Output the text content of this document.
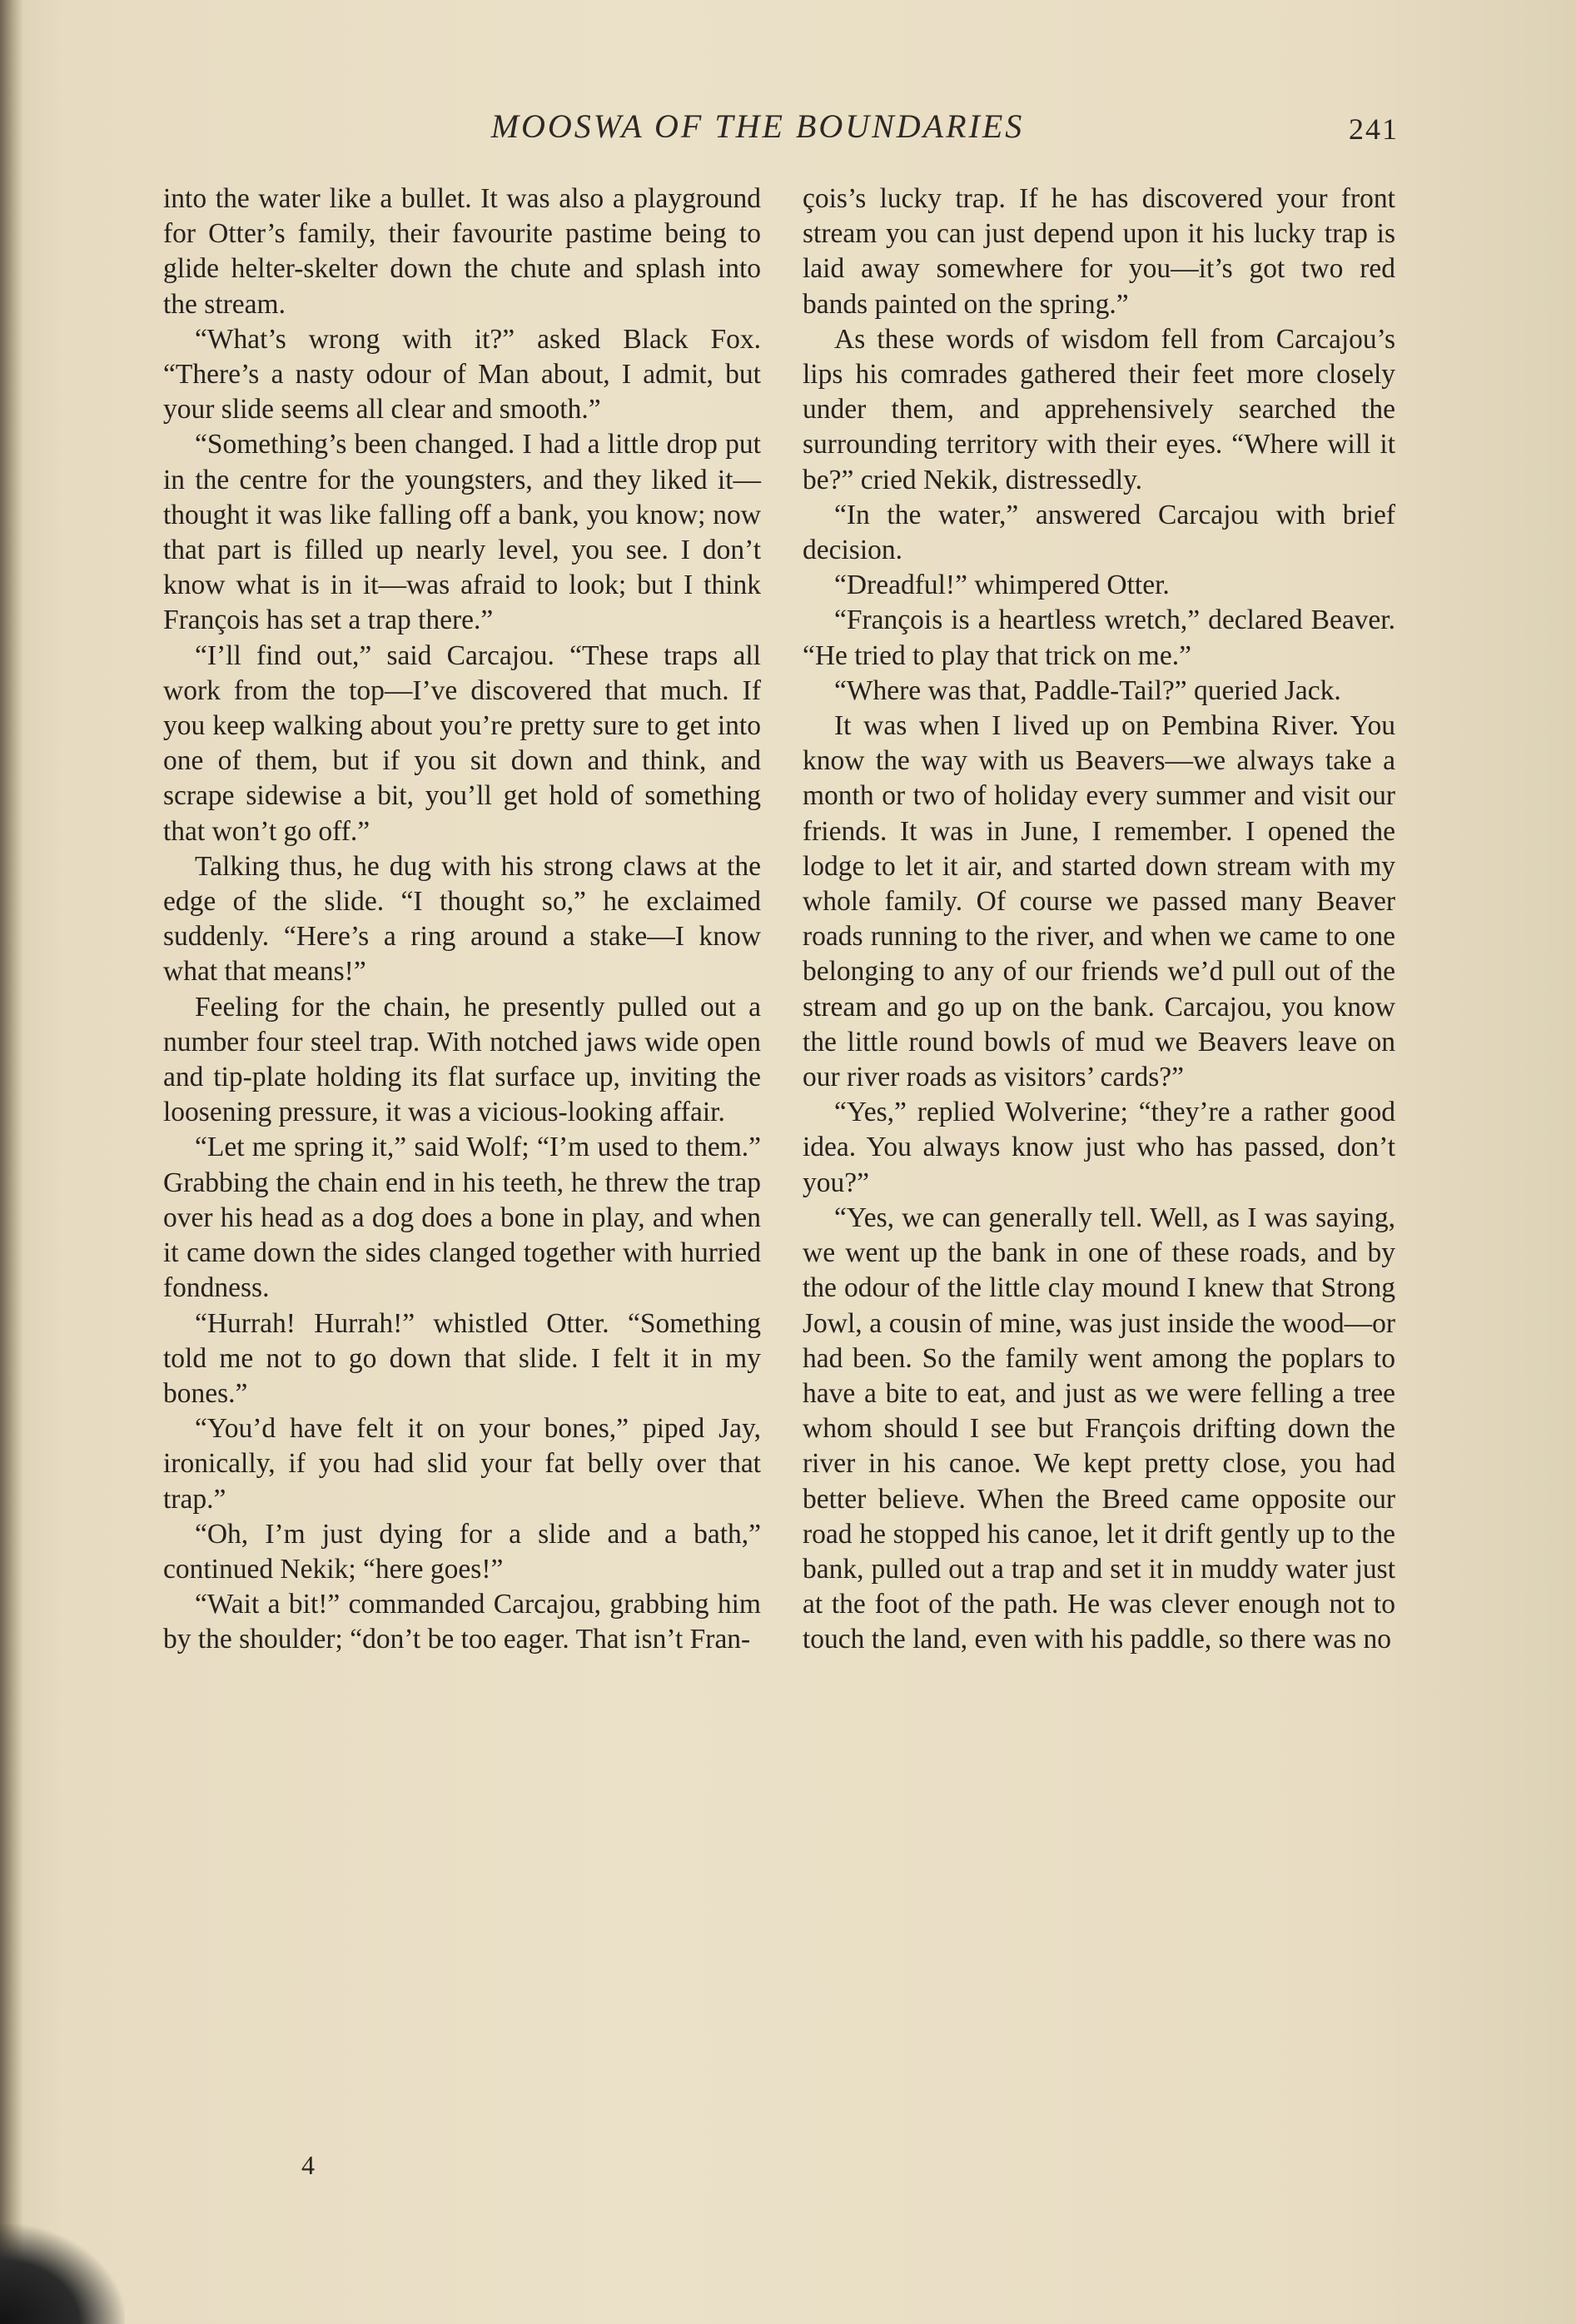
MOOSWA OF THE BOUNDARIES	241

into the water like a bullet. It was also a playground for Otter’s family, their favourite pastime being to glide helter-skelter down the chute and splash into the stream.

“What’s wrong with it?” asked Black Fox. “There’s a nasty odour of Man about, I admit, but your slide seems all clear and smooth.”

“Something’s been changed. I had a little drop put in the centre for the youngsters, and they liked it—thought it was like falling off a bank, you know; now that part is filled up nearly level, you see. I don’t know what is in it—was afraid to look; but I think François has set a trap there.”

“I’ll find out,” said Carcajou. “These traps all work from the top—I’ve discovered that much. If you keep walking about you’re pretty sure to get into one of them, but if you sit down and think, and scrape sidewise a bit, you’ll get hold of something that won’t go off.”

Talking thus, he dug with his strong claws at the edge of the slide. “I thought so,” he exclaimed suddenly. “Here’s a ring around a stake—I know what that means!”

Feeling for the chain, he presently pulled out a number four steel trap. With notched jaws wide open and tip-plate holding its flat surface up, inviting the loosening pressure, it was a vicious-looking affair.

“Let me spring it,” said Wolf; “I’m used to them.” Grabbing the chain end in his teeth, he threw the trap over his head as a dog does a bone in play, and when it came down the sides clanged together with hurried fondness.

“Hurrah! Hurrah!” whistled Otter. “Something told me not to go down that slide. I felt it in my bones.”

“You’d have felt it on your bones,” piped Jay, ironically, if you had slid your fat belly over that trap.”

“Oh, I’m just dying for a slide and a bath,” continued Nekik; “here goes!”

“Wait a bit!” commanded Carcajou, grabbing him by the shoulder; “don’t be too eager. That isn’t Fran-

çois’s lucky trap. If he has discovered your front stream you can just depend upon it his lucky trap is laid away somewhere for you—it’s got two red bands painted on the spring.”

As these words of wisdom fell from Carcajou’s lips his comrades gathered their feet more closely under them, and apprehensively searched the surrounding territory with their eyes. “Where will it be?” cried Nekik, distressedly.

“In the water,” answered Carcajou with brief decision.

“Dreadful!” whimpered Otter.

“François is a heartless wretch,” declared Beaver. “He tried to play that trick on me.”

“Where was that, Paddle-Tail?” queried Jack.

It was when I lived up on Pembina River. You know the way with us Beavers—we always take a month or two of holiday every summer and visit our friends. It was in June, I remember. I opened the lodge to let it air, and started down stream with my whole family. Of course we passed many Beaver roads running to the river, and when we came to one belonging to any of our friends we’d pull out of the stream and go up on the bank. Carcajou, you know the little round bowls of mud we Beavers leave on our river roads as visitors’ cards?”

“Yes,” replied Wolverine; “they’re a rather good idea. You always know just who has passed, don’t you?”

“Yes, we can generally tell. Well, as I was saying, we went up the bank in one of these roads, and by the odour of the little clay mound I knew that Strong Jowl, a cousin of mine, was just inside the wood—or had been. So the family went among the poplars to have a bite to eat, and just as we were felling a tree whom should I see but François drifting down the river in his canoe. We kept pretty close, you had better believe. When the Breed came opposite our road he stopped his canoe, let it drift gently up to the bank, pulled out a trap and set it in muddy water just at the foot of the path. He was clever enough not to touch the land, even with his paddle, so there was no

4
